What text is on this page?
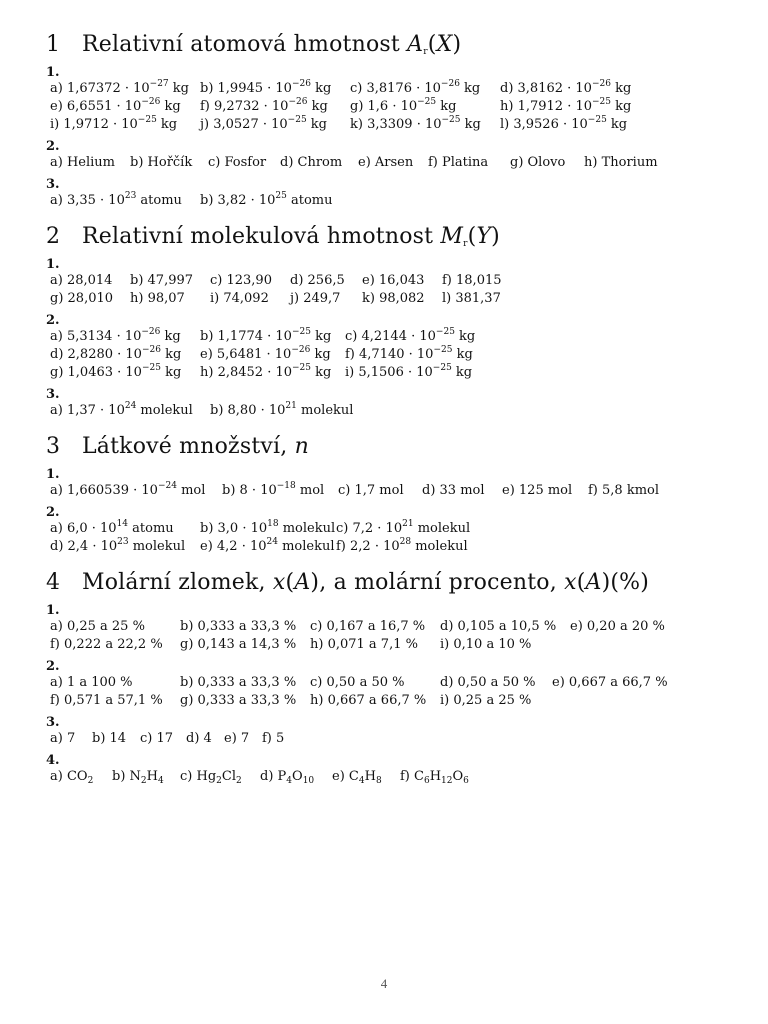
1 Relativní atomová hmotnost $A_r(X)$
1.
a) $1,67372 \cdot 10^{-27}$ kg b) $1,9945 \cdot 10^{-26}$ kg	c) $3,8176 \cdot 10^{-26}$ kg	d) $3,8162 \cdot 10^{-26}$ kg
e) $6,6551 \cdot 10^{-26}$ kg	f) $9,2732 \cdot 10^{-26}$ kg	g) $1,6 \cdot 10^{-25}$ kg	h) $1,7912 \cdot 10^{-25}$ kg
i) $1,9712 \cdot 10^{-25}$ kg	j) $3,0527 \cdot 10^{-25}$ kg	k) $3,3309 \cdot 10^{-25}$ kg	l) $3,9526 \cdot 10^{-25}$ kg
2.
a) Helium	b) Hořčík	c) Fosfor	d) Chrom	e) Arsen	f) Platina	g) Olovo	h) Thorium
3.
a) $3,35 \cdot 10^{23}$ atomu	b) $3,82 \cdot 10^{25}$ atomu
2 Relativní molekulová hmotnost $M_r(Y)$
1.
a) 28,014	b) 47,997	c) 123,90	d) 256,5	e) 16,043	f) 18,015
g) 28,010	h) 98,07	i) 74,092	j) 249,7	k) 98,082	l) 381,37
2.
a) $5,3134 \cdot 10^{-26}$ kg	b) $1,1774 \cdot 10^{-25}$ kg	c) $4,2144 \cdot 10^{-25}$ kg
d) $2,8280 \cdot 10^{-26}$ kg	e) $5,6481 \cdot 10^{-26}$ kg	f) $4,7140 \cdot 10^{-25}$ kg
g) $1,0463 \cdot 10^{-25}$ kg	h) $2,8452 \cdot 10^{-25}$ kg	i) $5,1506 \cdot 10^{-25}$ kg
3.
a) $1,37 \cdot 10^{24}$ molekul	b) $8,80 \cdot 10^{21}$ molekul
3 Látkové množství, n
1.
a) $1,660539 \cdot 10^{-24}$ mol	b) $8 \cdot 10^{-18}$ mol	c) 1,7 mol	d) 33 mol	e) 125 mol	f) 5,8 kmol
2.
a) $6,0 \cdot 10^{14}$ atomu	b) $3,0 \cdot 10^{18}$ molekul c) $7,2 \cdot 10^{21}$ molekul
d) $2,4 \cdot 10^{23}$ molekul	e) $4,2 \cdot 10^{24}$ molekul f) $2,2 \cdot 10^{28}$ molekul
4 Molární zlomek, x(A), a molární procento, x(A)(%)
1.
a) 0,25 a 25 %	b) 0,333 a 33,3 %	c) 0,167 a 16,7 %	d) 0,105 a 10,5 %	e) 0,20 a 20 %
f) 0,222 a 22,2 %	g) 0,143 a 14,3 %	h) 0,071 a 7,1 %	i) 0,10 a 10 %
2.
a) 1 a 100 %	b) 0,333 a 33,3 %	c) 0,50 a 50 %	d) 0,50 a 50 %	e) 0,667 a 66,7 %
f) 0,571 a 57,1 %	g) 0,333 a 33,3 %	h) 0,667 a 66,7 %	i) 0,25 a 25 %
3.
a) 7	b) 14	c) 17 d) 4 e) 7 f) 5
4.
a) $CO_2$	b) $N_2H_4$	c) $Hg_2Cl_2$	d) $P_4O_{10}$	e) $C_4H_8$	f) $C_6H_{12}O_6$
4
